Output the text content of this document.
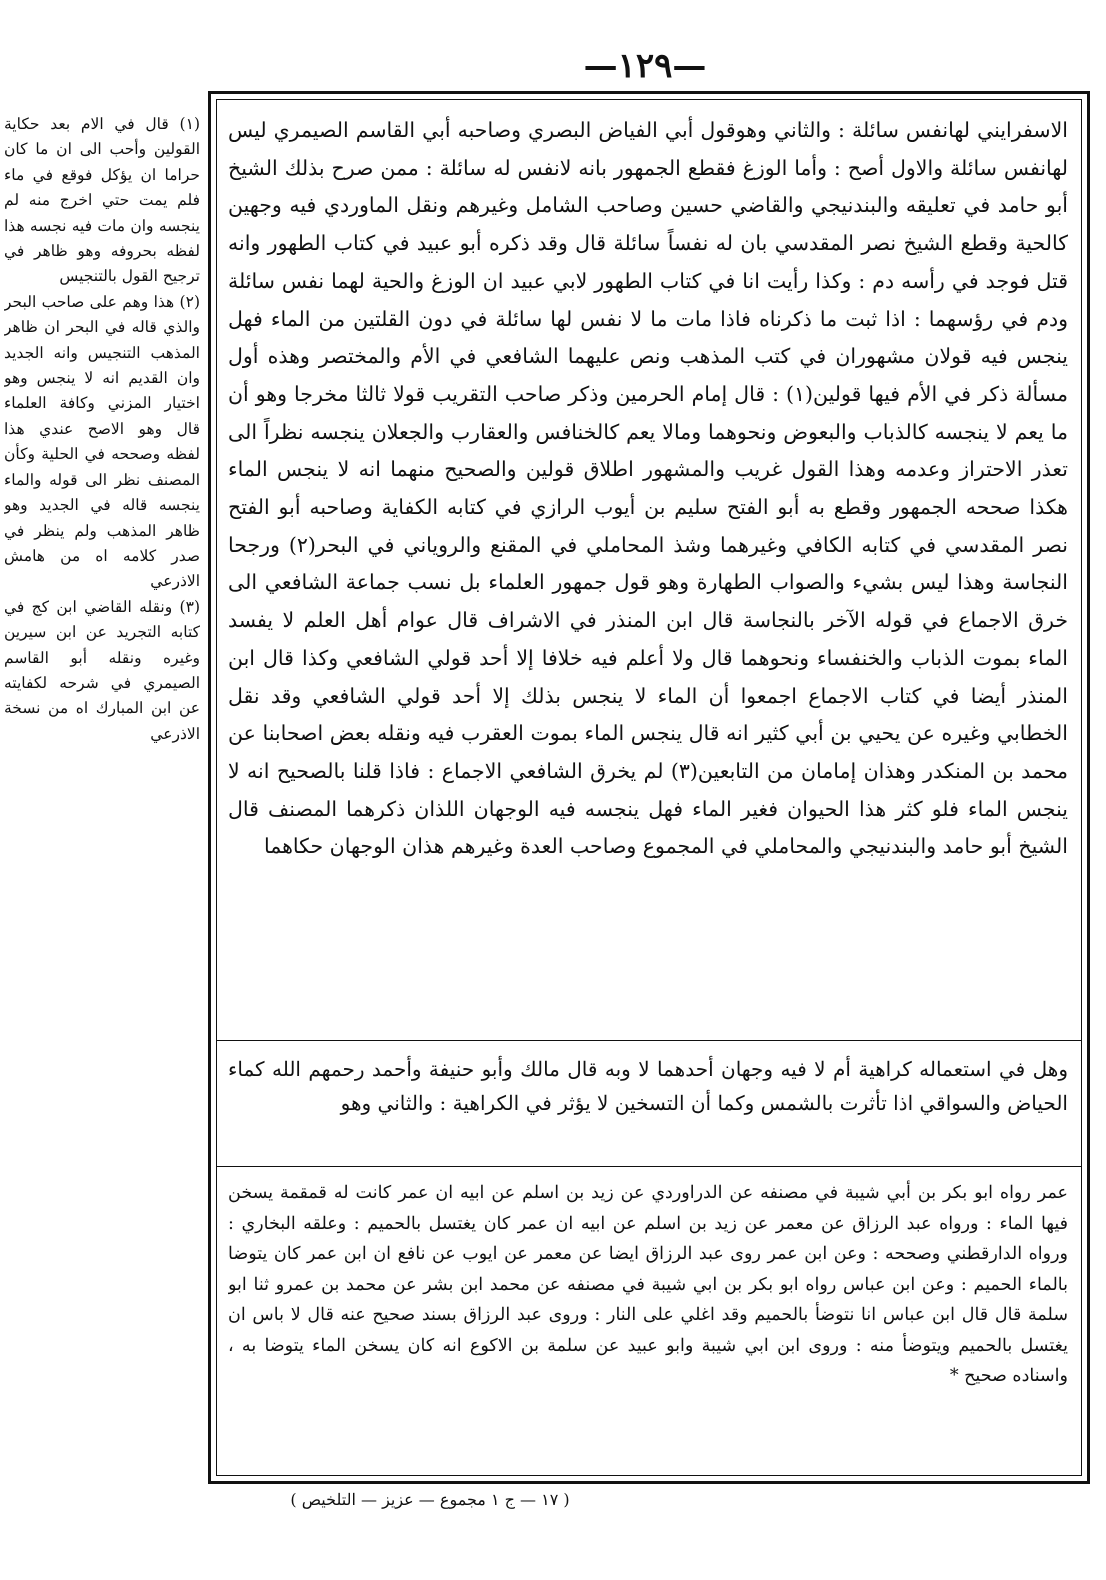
—١٢٩—

الاسفرايني لهانفس سائلة : والثاني وهوقول أبي الفياض البصري وصاحبه أبي القاسم الصيمري ليس لهانفس سائلة والاول أصح : وأما الوزغ فقطع الجمهور بانه لانفس له سائلة : ممن صرح بذلك الشيخ أبو حامد في تعليقه والبندنيجي والقاضي حسين وصاحب الشامل وغيرهم ونقل الماوردي فيه وجهين كالحية وقطع الشيخ نصر المقدسي بان له نفساً سائلة قال وقد ذكره أبو عبيد في كتاب الطهور وانه قتل فوجد في رأسه دم : وكذا رأيت انا في كتاب الطهور لابي عبيد ان الوزغ والحية لهما نفس سائلة ودم في رؤسهما : اذا ثبت ما ذكرناه فاذا مات ما لا نفس لها سائلة في دون القلتين من الماء فهل ينجس فيه قولان مشهوران في كتب المذهب ونص عليهما الشافعي في الأم والمختصر وهذه أول مسألة ذكر في الأم فيها قولين(١) : قال إمام الحرمين وذكر صاحب التقريب قولا ثالثا مخرجا وهو أن ما يعم لا ينجسه كالذباب والبعوض ونحوهما ومالا يعم كالخنافس والعقارب والجعلان ينجسه نظراً الى تعذر الاحتراز وعدمه وهذا القول غريب والمشهور اطلاق قولين والصحيح منهما انه لا ينجس الماء هكذا صححه الجمهور وقطع به أبو الفتح سليم بن أيوب الرازي في كتابه الكفاية وصاحبه أبو الفتح نصر المقدسي في كتابه الكافي وغيرهما وشذ المحاملي في المقنع والروياني في البحر(٢) ورجحا النجاسة وهذا ليس بشيء والصواب الطهارة وهو قول جمهور العلماء بل نسب جماعة الشافعي الى خرق الاجماع في قوله الآخر بالنجاسة قال ابن المنذر في الاشراف قال عوام أهل العلم لا يفسد الماء بموت الذباب والخنفساء ونحوهما قال ولا أعلم فيه خلافا إلا أحد قولي الشافعي وكذا قال ابن المنذر أيضا في كتاب الاجماع اجمعوا أن الماء لا ينجس بذلك إلا أحد قولي الشافعي وقد نقل الخطابي وغيره عن يحيي بن أبي كثير انه قال ينجس الماء بموت العقرب فيه ونقله بعض اصحابنا عن محمد بن المنكدر وهذان إمامان من التابعين(٣) لم يخرق الشافعي الاجماع : فاذا قلنا بالصحيح انه لا ينجس الماء فلو كثر هذا الحيوان فغير الماء فهل ينجسه فيه الوجهان اللذان ذكرهما المصنف قال الشيخ أبو حامد والبندنيجي والمحاملي في المجموع وصاحب العدة وغيرهم هذان الوجهان حكاهما

وهل في استعماله كراهية أم لا فيه وجهان أحدهما لا وبه قال مالك وأبو حنيفة وأحمد رحمهم الله كماء الحياض والسواقي اذا تأثرت بالشمس وكما أن التسخين لا يؤثر في الكراهية : والثاني وهو

عمر رواه ابو بكر بن أبي شيبة في مصنفه عن الدراوردي عن زيد بن اسلم عن ابيه ان عمر كانت له قمقمة يسخن فيها الماء : ورواه عبد الرزاق عن معمر عن زيد بن اسلم عن ابيه ان عمر كان يغتسل بالحميم : وعلقه البخاري : ورواه الدارقطني وصححه : وعن ابن عمر روى عبد الرزاق ايضا عن معمر عن ايوب عن نافع ان ابن عمر كان يتوضا بالماء الحميم : وعن ابن عباس رواه ابو بكر بن ابي شيبة في مصنفه عن محمد ابن بشر عن محمد بن عمرو ثنا ابو سلمة قال قال ابن عباس انا نتوضأ بالحميم وقد اغلي على النار : وروى عبد الرزاق بسند صحيح عنه قال لا باس ان يغتسل بالحميم ويتوضأ منه : وروى ابن ابي شيبة وابو عبيد عن سلمة بن الاكوع انه كان يسخن الماء يتوضا به ، واسناده صحيح *

(١) قال في الام بعد حكاية القولين وأحب الى ان ما كان حراما ان يؤكل فوقع في ماء فلم يمت حتي اخرج منه لم ينجسه وان مات فيه نجسه هذا لفظه بحروفه وهو ظاهر في ترجيح القول بالتنجيس

(٢) هذا وهم على صاحب البحر والذي قاله في البحر ان ظاهر المذهب التنجيس وانه الجديد وان القديم انه لا ينجس وهو اختيار المزني وكافة العلماء قال وهو الاصح عندي هذا لفظه وصححه في الحلية وكأن المصنف نظر الى قوله والماء ينجسه قاله في الجديد وهو ظاهر المذهب ولم ينظر في صدر كلامه اه من هامش الاذرعي

(٣) ونقله القاضي ابن كج في كتابه التجريد عن ابن سيرين وغيره ونقله أبو القاسم الصيمري في شرحه لكفايته عن ابن المبارك اه من نسخة الاذرعي

( ١٧ — ج ١ مجموع — عزيز — التلخيص )
